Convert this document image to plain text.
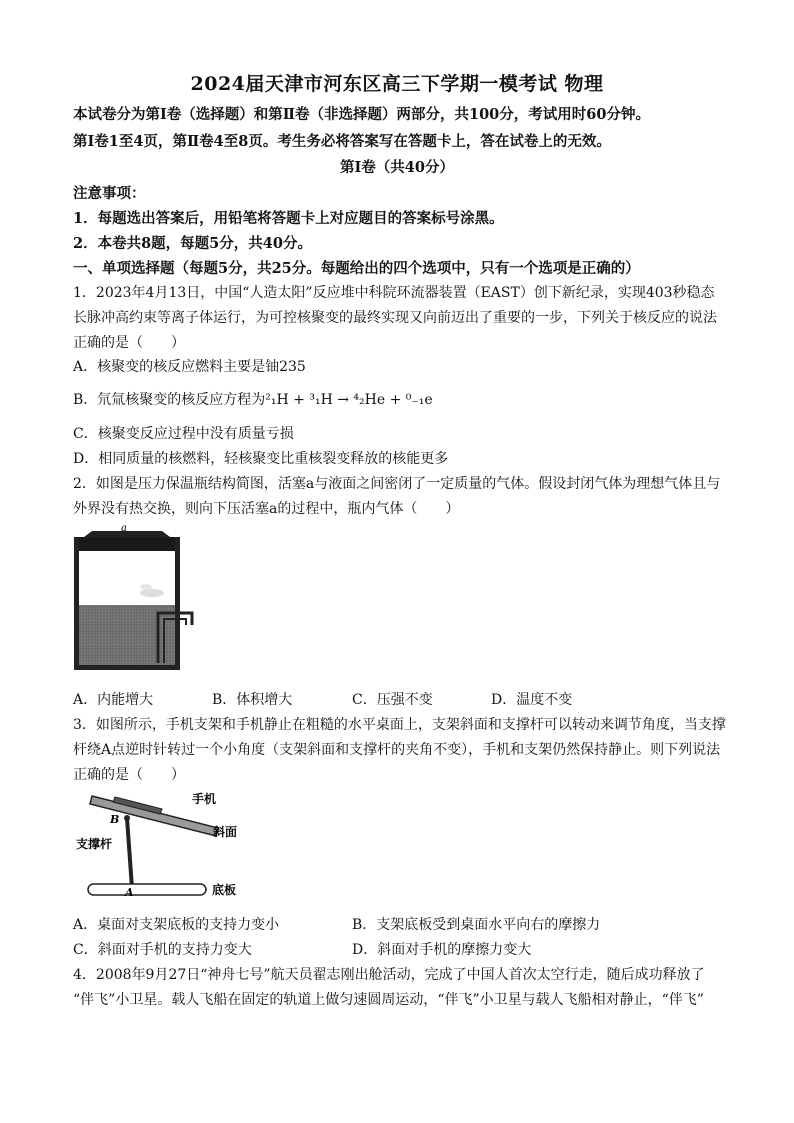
2024届天津市河东区高三下学期一模考试 物理
本试卷分为第Ⅰ卷（选择题）和第Ⅱ卷（非选择题）两部分，共100分，考试用时60分钟。
第Ⅰ卷1至4页，第Ⅱ卷4至8页。考生务必将答案写在答题卡上，答在试卷上的无效。
第Ⅰ卷（共40分）
注意事项：
1．每题选出答案后，用铅笔将答题卡上对应题目的答案标号涂黑。
2．本卷共8题，每题5分，共40分。
一、单项选择题（每题5分，共25分。每题给出的四个选项中，只有一个选项是正确的）
1．2023年4月13日，中国“人造太阳”反应堆中科院环流器装置（EAST）创下新纪录，实现403秒稳态
长脉冲高约束等离子体运行，为可控核聚变的最终实现又向前迈出了重要的一步，下列关于核反应的说法
正确的是（　　）
A．核聚变的核反应燃料主要是铀235
B．氘氚核聚变的核反应方程为²₁H + ³₁H → ⁴₂He + ⁰₋₁e
C．核聚变反应过程中没有质量亏损
D．相同质量的核燃料，轻核聚变比重核裂变释放的核能更多
2．如图是压力保温瓶结构简图，活塞a与液面之间密闭了一定质量的气体。假设封闭气体为理想气体且与
外界没有热交换，则向下压活塞a的过程中，瓶内气体（　　）
a
A．内能增大	B．体积增大	C．压强不变	D．温度不变
3．如图所示，手机支架和手机静止在粗糙的水平桌面上，支架斜面和支撑杆可以转动来调节角度，当支撑
杆绕A点逆时针转过一个小角度（支架斜面和支撑杆的夹角不变），手机和支架仍然保持静止。则下列说法
正确的是（　　）
手机
B
斜面
支撑杆
A	底板
A．桌面对支架底板的支持力变小	B．支架底板受到桌面水平向右的摩擦力
C．斜面对手机的支持力变大	D．斜面对手机的摩擦力变大
4．2008年9月27日“神舟七号”航天员翟志刚出舱活动，完成了中国人首次太空行走，随后成功释放了
“伴飞”小卫星。载人飞船在固定的轨道上做匀速圆周运动，“伴飞”小卫星与载人飞船相对静止，“伴飞”
